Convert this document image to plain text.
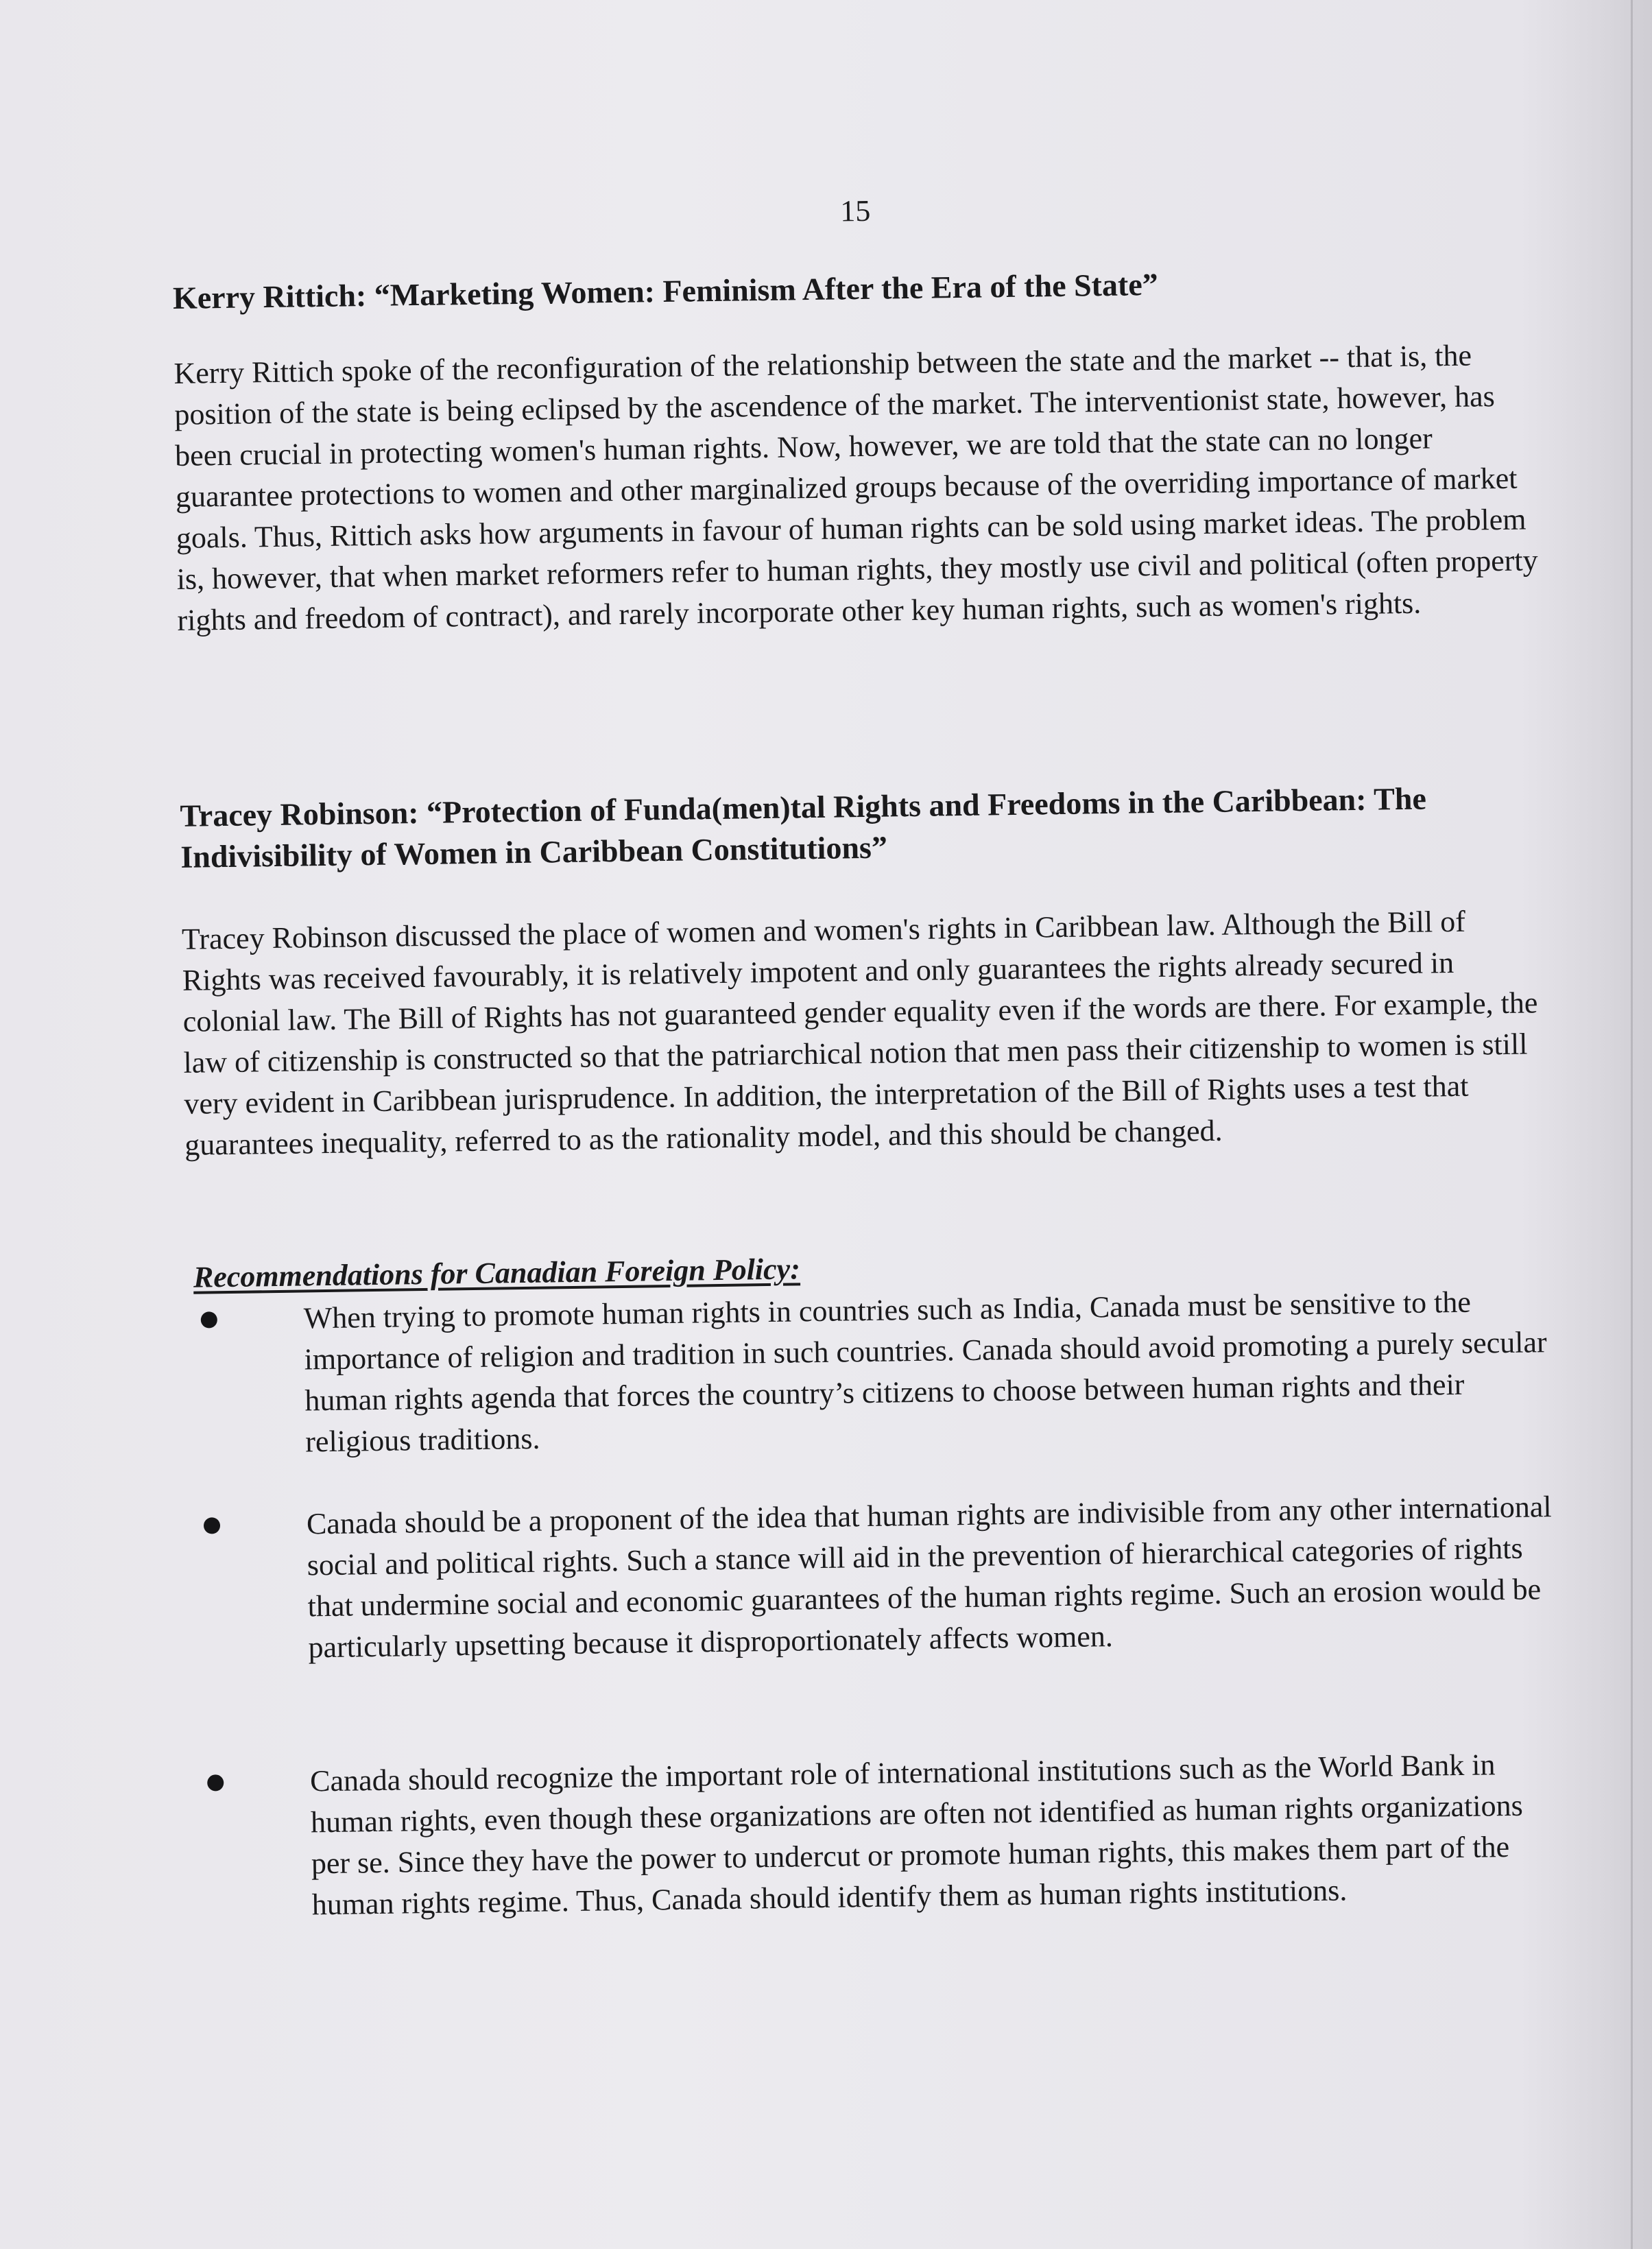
15

Kerry Rittich: “Marketing Women: Feminism After the Era of the State”

Kerry Rittich spoke of the reconfiguration of the relationship between the state and the market -- that is, the position of the state is being eclipsed by the ascendence of the market. The interventionist state, however, has been crucial in protecting women's human rights. Now, however, we are told that the state can no longer guarantee protections to women and other marginalized groups because of the overriding importance of market goals. Thus, Rittich asks how arguments in favour of human rights can be sold using market ideas. The problem is, however, that when market reformers refer to human rights, they mostly use civil and political (often property rights and freedom of contract), and rarely incorporate other key human rights, such as women's rights.

Tracey Robinson: “Protection of Funda(men)tal Rights and Freedoms in the Caribbean: The Indivisibility of Women in Caribbean Constitutions”

Tracey Robinson discussed the place of women and women's rights in Caribbean law. Although the Bill of Rights was received favourably, it is relatively impotent and only guarantees the rights already secured in colonial law. The Bill of Rights has not guaranteed gender equality even if the words are there. For example, the law of citizenship is constructed so that the patriarchical notion that men pass their citizenship to women is still very evident in Caribbean jurisprudence. In addition, the interpretation of the Bill of Rights uses a test that guarantees inequality, referred to as the rationality model, and this should be changed.

Recommendations for Canadian Foreign Policy:

When trying to promote human rights in countries such as India, Canada must be sensitive to the importance of religion and tradition in such countries. Canada should avoid promoting a purely secular human rights agenda that forces the country’s citizens to choose between human rights and their religious traditions.

Canada should be a proponent of the idea that human rights are indivisible from any other international social and political rights. Such a stance will aid in the prevention of hierarchical categories of rights that undermine social and economic guarantees of the human rights regime. Such an erosion would be particularly upsetting because it disproportionately affects women.

Canada should recognize the important role of international institutions such as the World Bank in human rights, even though these organizations are often not identified as human rights organizations per se. Since they have the power to undercut or promote human rights, this makes them part of the human rights regime. Thus, Canada should identify them as human rights institutions.
